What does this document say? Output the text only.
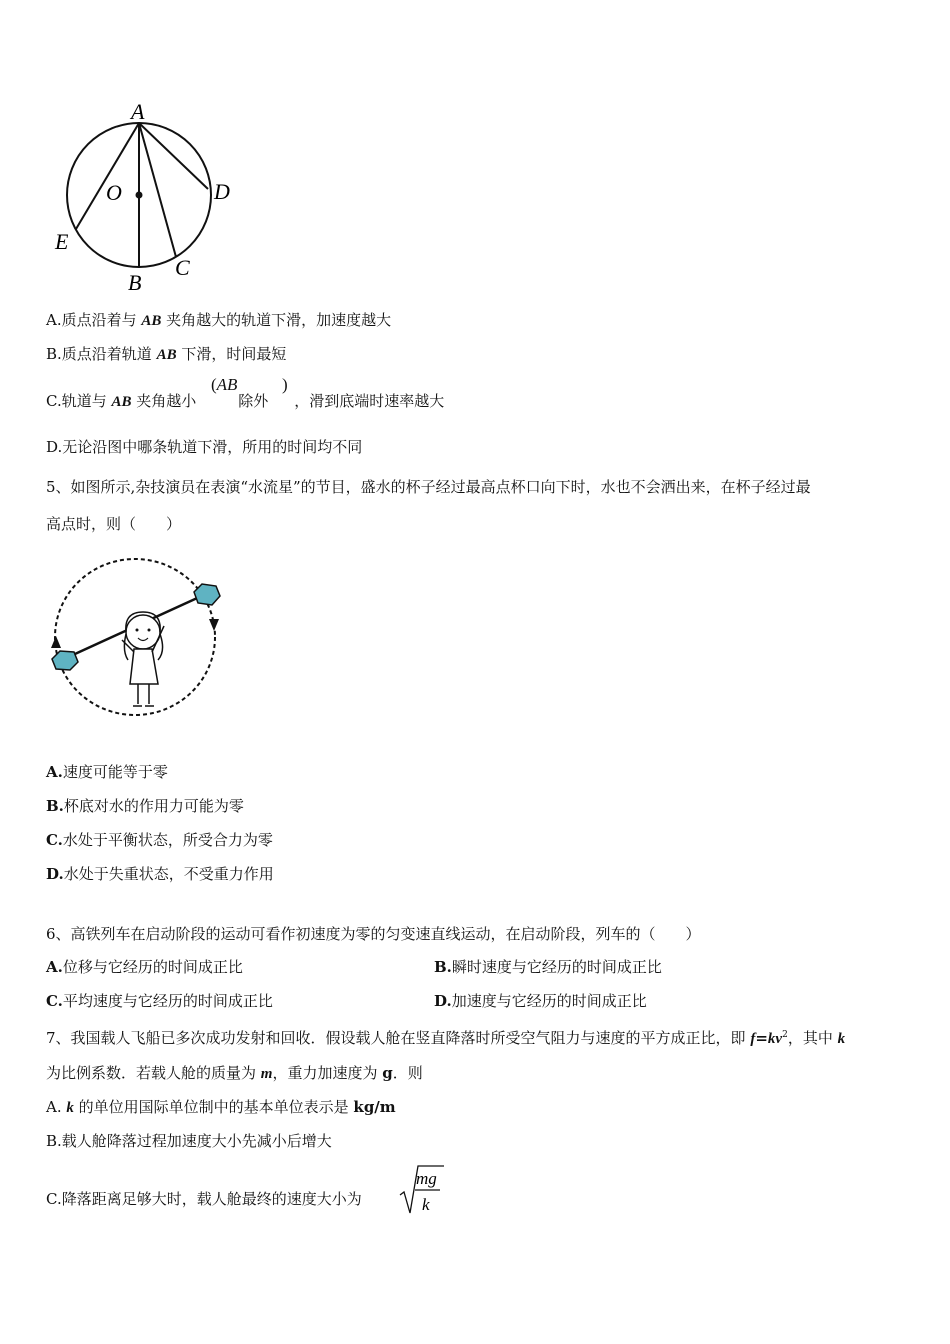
A
O	D
E
B
C
A.质点沿着与 AB 夹角越大的轨道下滑，加速度越大
B.质点沿着轨道 AB 下滑，时间最短
C.轨道与 AB 夹角越小	除外 ，滑到底端时速率越大
(AB	)
D.无论沿图中哪条轨道下滑，所用的时间均不同
5、如图所示,杂技演员在表演“水流星”的节目，盛水的杯子经过最高点杯口向下时，水也不会洒出来，在杯子经过最
高点时，则（　　）
A.速度可能等于零
B.杯底对水的作用力可能为零
C.水处于平衡状态，所受合力为零
D.水处于失重状态，不受重力作用
6、高铁列车在启动阶段的运动可看作初速度为零的匀变速直线运动，在启动阶段，列车的（　　）
A.位移与它经历的时间成正比	B.瞬时速度与它经历的时间成正比
C.平均速度与它经历的时间成正比	D.加速度与它经历的时间成正比
7、我国载人飞船已多次成功发射和回收．假设载人舱在竖直降落时所受空气阻力与速度的平方成正比，即 $f=kv^2$，其中 k
为比例系数．若载人舱的质量为 m，重力加速度为 g．则
A. k 的单位用国际单位制中的基本单位表示是 kg/m
B.载人舱降落过程加速度大小先减小后增大
C.降落距离足够大时，载人舱最终的速度大小为
mg
k
